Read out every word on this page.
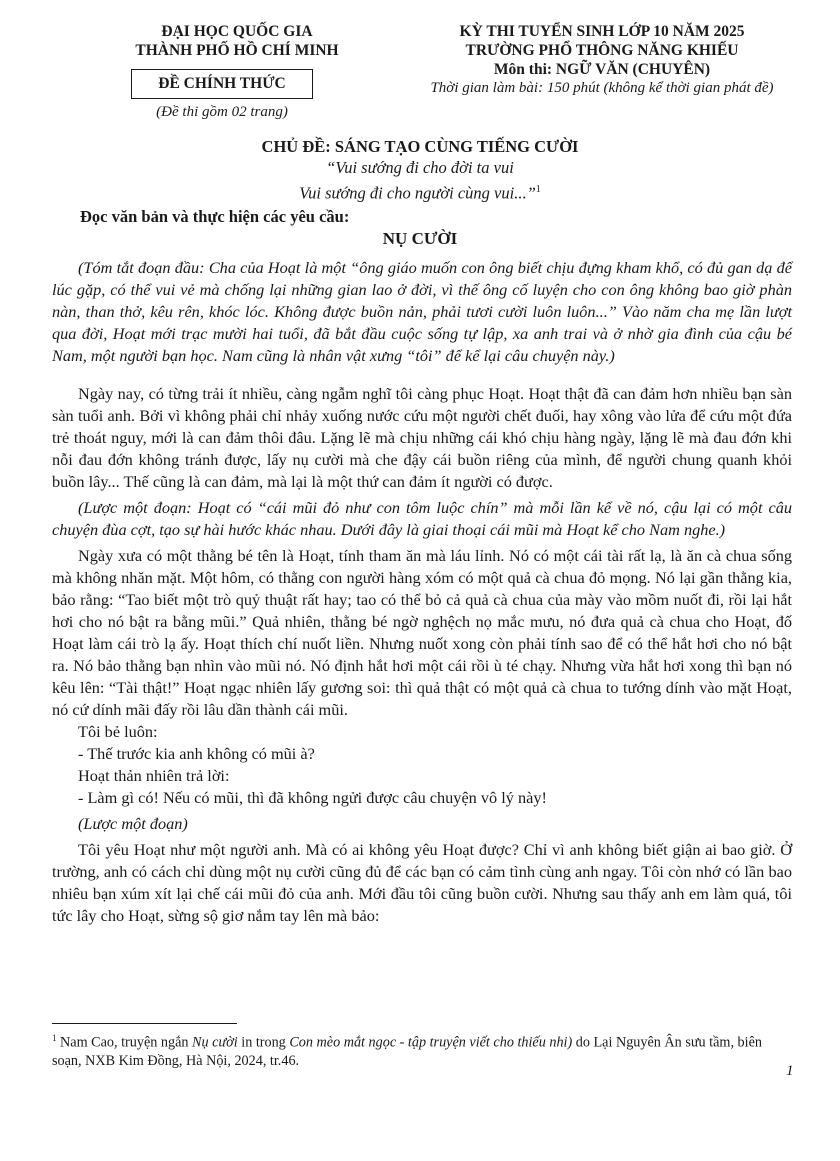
ĐẠI HỌC QUỐC GIA
THÀNH PHỐ HỒ CHÍ MINH
ĐỀ CHÍNH THỨC
(Đề thi gồm 02 trang)
KỲ THI TUYỂN SINH LỚP 10 NĂM 2025
TRƯỜNG PHỔ THÔNG NĂNG KHIẾU
Môn thi: NGỮ VĂN (CHUYÊN)
Thời gian làm bài: 150 phút (không kể thời gian phát đề)
CHỦ ĐỀ: SÁNG TẠO CÙNG TIẾNG CƯỜI
“Vui sướng đi cho đời ta vui
Vui sướng đi cho người cùng vui...”$^1$
Đọc văn bản và thực hiện các yêu cầu:
NỤ CƯỜI

(Tóm tắt đoạn đầu: Cha của Hoạt là một “ông giáo muốn con ông biết chịu đựng kham khổ, có đủ gan dạ để lúc gặp, có thể vui vẻ mà chống lại những gian lao ở đời, vì thế ông cố luyện cho con ông không bao giờ phàn nàn, than thở, kêu rên, khóc lóc. Không được buồn nản, phải tươi cười luôn luôn...” Vào năm cha mẹ lần lượt qua đời, Hoạt mới trạc mười hai tuổi, đã bắt đầu cuộc sống tự lập, xa anh trai và ở nhờ gia đình của cậu bé Nam, một người bạn học. Nam cũng là nhân vật xưng “tôi” để kể lại câu chuyện này.)

Ngày nay, có từng trải ít nhiều, càng ngẫm nghĩ tôi càng phục Hoạt. Hoạt thật đã can đảm hơn nhiều bạn sàn sàn tuổi anh. Bởi vì không phải chỉ nhảy xuống nước cứu một người chết đuối, hay xông vào lửa để cứu một đứa trẻ thoát nguy, mới là can đảm thôi đâu. Lặng lẽ mà chịu những cái khó chịu hàng ngày, lặng lẽ mà đau đớn khi nỗi đau đớn không tránh được, lấy nụ cười mà che đậy cái buồn riêng của mình, để người chung quanh khỏi buồn lây... Thế cũng là can đảm, mà lại là một thứ can đảm ít người có được.

(Lược một đoạn: Hoạt có “cái mũi đỏ như con tôm luộc chín” mà mỗi lần kể về nó, cậu lại có một câu chuyện đùa cợt, tạo sự hài hước khác nhau. Dưới đây là giai thoại cái mũi mà Hoạt kể cho Nam nghe.)

Ngày xưa có một thằng bé tên là Hoạt, tính tham ăn mà láu lỉnh. Nó có một cái tài rất lạ, là ăn cà chua sống mà không nhăn mặt. Một hôm, có thằng con người hàng xóm có một quả cà chua đỏ mọng. Nó lại gần thằng kia, bảo rằng: “Tao biết một trò quỷ thuật rất hay; tao có thể bỏ cả quả cà chua của mày vào mồm nuốt đi, rồi lại hắt hơi cho nó bật ra bằng mũi.” Quả nhiên, thằng bé ngờ nghệch nọ mắc mưu, nó đưa quả cà chua cho Hoạt, đố Hoạt làm cái trò lạ ấy. Hoạt thích chí nuốt liền. Nhưng nuốt xong còn phải tính sao để có thể hắt hơi cho nó bật ra. Nó bảo thằng bạn nhìn vào mũi nó. Nó định hắt hơi một cái rồi ù té chạy. Nhưng vừa hắt hơi xong thì bạn nó kêu lên: “Tài thật!” Hoạt ngạc nhiên lấy gương soi: thì quả thật có một quả cà chua to tướng dính vào mặt Hoạt, nó cứ dính mãi đấy rồi lâu dần thành cái mũi.

Tôi bẻ luôn:

- Thế trước kia anh không có mũi à?

Hoạt thản nhiên trả lời:

- Làm gì có! Nếu có mũi, thì đã không ngửi được câu chuyện vô lý này!

(Lược một đoạn)

Tôi yêu Hoạt như một người anh. Mà có ai không yêu Hoạt được? Chỉ vì anh không biết giận ai bao giờ. Ở trường, anh có cách chỉ dùng một nụ cười cũng đủ để các bạn có cảm tình cùng anh ngay. Tôi còn nhớ có lần bao nhiêu bạn xúm xít lại chế cái mũi đỏ của anh. Mới đầu tôi cũng buồn cười. Nhưng sau thấy anh em làm quá, tôi tức lây cho Hoạt, sừng sộ giơ nắm tay lên mà bảo:

$^1$ Nam Cao, truyện ngắn Nụ cười in trong Con mèo mắt ngọc - tập truyện viết cho thiếu nhi) do Lại Nguyên Ân sưu tầm, biên soạn, NXB Kim Đồng, Hà Nội, 2024, tr.46.
1
